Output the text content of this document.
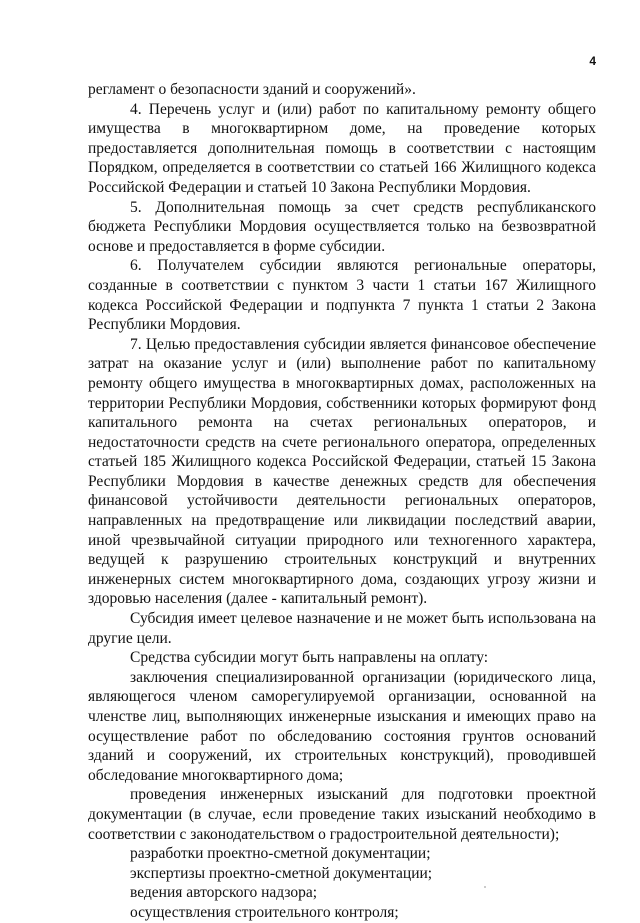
4

регламент о безопасности зданий и сооружений».

4. Перечень услуг и (или) работ по капитальному ремонту общего имущества в многоквартирном доме, на проведение которых предоставляется дополнительная помощь в соответствии с настоящим Порядком, определяется в соответствии со статьей 166 Жилищного кодекса Российской Федерации и статьей 10 Закона Республики Мордовия.

5. Дополнительная помощь за счет средств республиканского бюджета Республики Мордовия осуществляется только на безвозвратной основе и предоставляется в форме субсидии.

6. Получателем субсидии являются региональные операторы, созданные в соответствии с пунктом 3 части 1 статьи 167 Жилищного кодекса Российской Федерации и подпункта 7 пункта 1 статьи 2 Закона Республики Мордовия.

7. Целью предоставления субсидии является финансовое обеспечение затрат на оказание услуг и (или) выполнение работ по капитальному ремонту общего имущества в многоквартирных домах, расположенных на территории Республики Мордовия, собственники которых формируют фонд капитального ремонта на счетах региональных операторов, и недостаточности средств на счете регионального оператора, определенных статьей 185 Жилищного кодекса Российской Федерации, статьей 15 Закона Республики Мордовия в качестве денежных средств для обеспечения финансовой устойчивости деятельности региональных операторов, направленных на предотвращение или ликвидации последствий аварии, иной чрезвычайной ситуации природного или техногенного характера, ведущей к разрушению строительных конструкций и внутренних инженерных систем многоквартирного дома, создающих угрозу жизни и здоровью населения (далее - капитальный ремонт).

Субсидия имеет целевое назначение и не может быть использована на другие цели.

Средства субсидии могут быть направлены на оплату:

заключения специализированной организации (юридического лица, являющегося членом саморегулируемой организации, основанной на членстве лиц, выполняющих инженерные изыскания и имеющих право на осуществление работ по обследованию состояния грунтов оснований зданий и сооружений, их строительных конструкций), проводившей обследование многоквартирного дома;

проведения инженерных изысканий для подготовки проектной документации (в случае, если проведение таких изысканий необходимо в соответствии с законодательством о градостроительной деятельности);

разработки проектно-сметной документации;

экспертизы проектно-сметной документации;

ведения авторского надзора;

осуществления строительного контроля;
